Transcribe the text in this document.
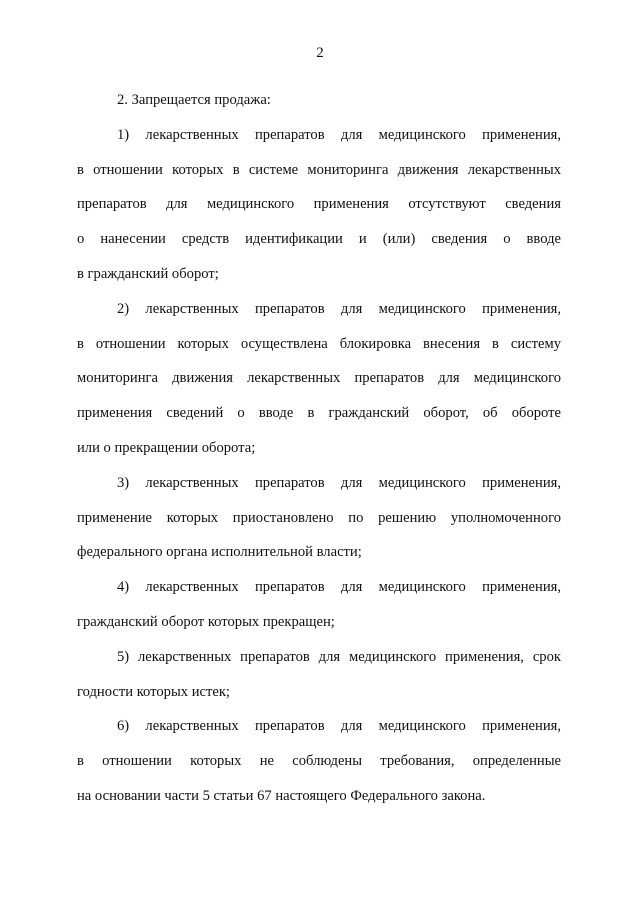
2

2. Запрещается продажа:

1) лекарственных препаратов для медицинского применения,
в отношении которых в системе мониторинга движения лекарственных
препаратов для медицинского применения отсутствуют сведения
о нанесении средств идентификации и (или) сведения о вводе
в гражданский оборот;

2) лекарственных препаратов для медицинского применения,
в отношении которых осуществлена блокировка внесения в систему
мониторинга движения лекарственных препаратов для медицинского
применения сведений о вводе в гражданский оборот, об обороте
или о прекращении оборота;

3) лекарственных препаратов для медицинского применения,
применение которых приостановлено по решению уполномоченного
федерального органа исполнительной власти;

4) лекарственных препаратов для медицинского применения,
гражданский оборот которых прекращен;

5) лекарственных препаратов для медицинского применения, срок
годности которых истек;

6) лекарственных препаратов для медицинского применения,
в отношении которых не соблюдены требования, определенные
на основании части 5 статьи 67 настоящего Федерального закона.
